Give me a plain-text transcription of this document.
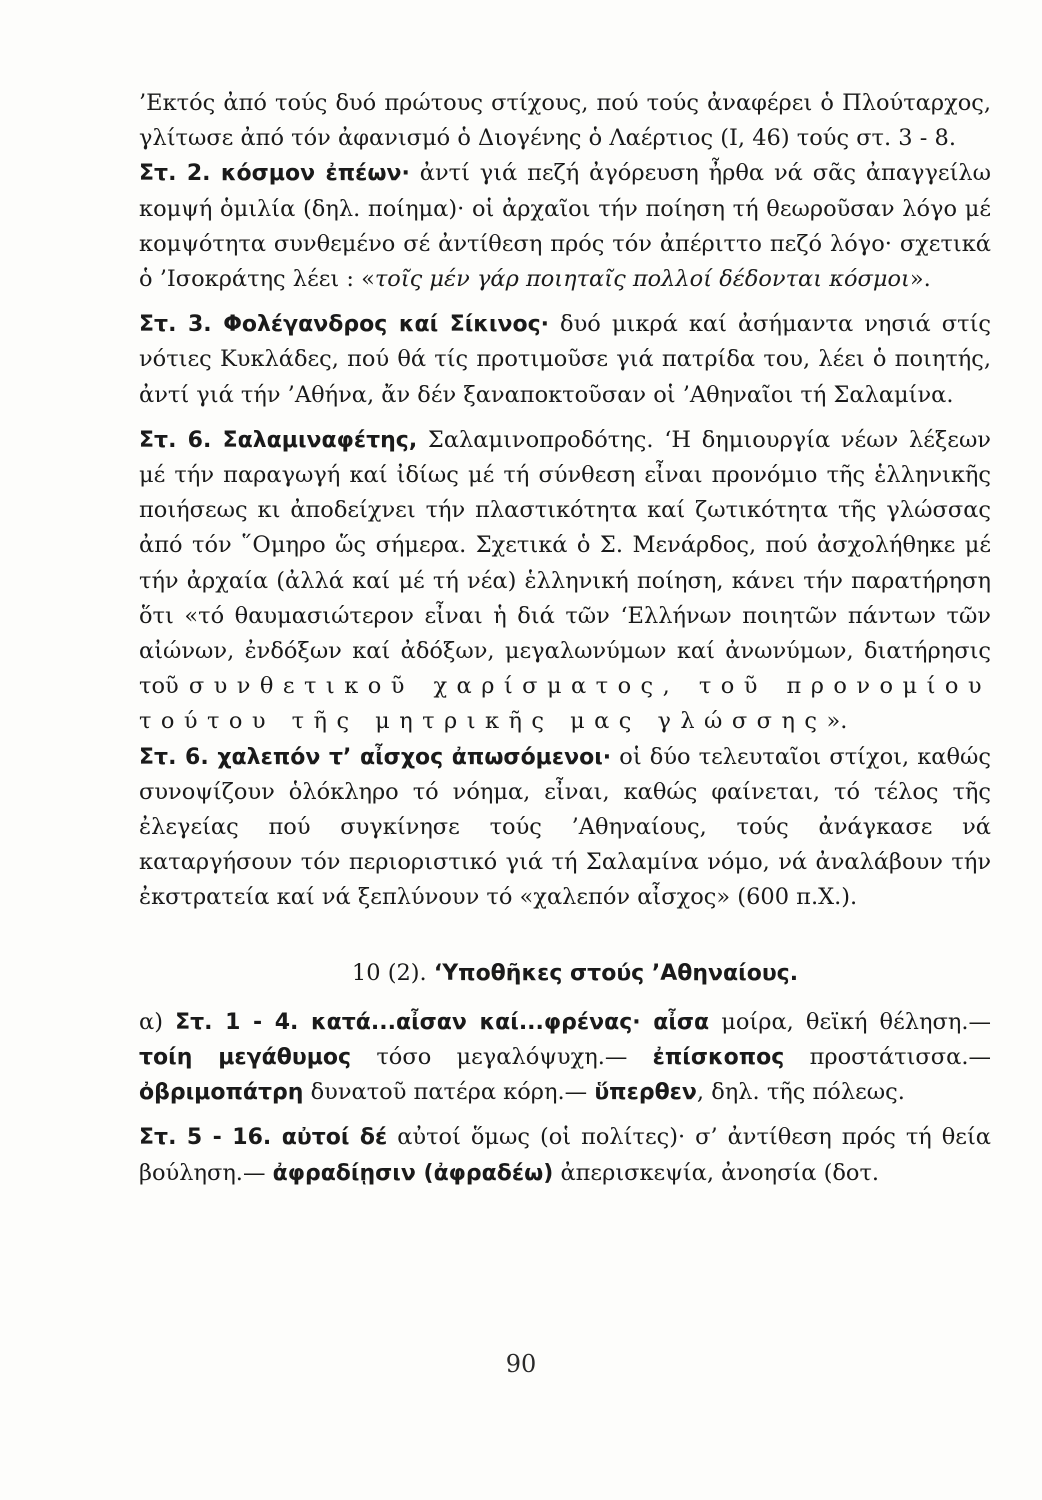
’Εκτός ἀπό τούς δυό πρώτους στίχους, πού τούς ἀναφέρει ὁ Πλούταρχος, γλίτωσε ἀπό τόν ἀφανισμό ὁ Διογένης ὁ Λαέρτιος (I, 46) τούς στ. 3 - 8.

Στ. 2. κόσμον ἐπέων· ἀντί γιά πεζή ἀγόρευση ἦρθα νά σᾶς ἀπαγγείλω κομψή ὁμιλία (δηλ. ποίημα)· οἱ ἀρχαῖοι τήν ποίηση τή θεωροῦσαν λόγο μέ κομψότητα συνθεμένο σέ ἀντίθεση πρός τόν ἀπέριττο πεζό λόγο· σχετικά ὁ ’Ισοκράτης λέει : «τοῖς μέν γάρ ποιηταῖς πολλοί δέδονται κόσμοι».

Στ. 3. Φολέγανδρος καί Σίκινος· δυό μικρά καί ἀσήμαντα νησιά στίς νότιες Κυκλάδες, πού θά τίς προτιμοῦσε γιά πατρίδα του, λέει ὁ ποιητής, ἀντί γιά τήν ’Αθήνα, ἄν δέν ξαναποκτοῦσαν οἱ ’Αθηναῖοι τή Σαλαμίνα.

Στ. 6. Σαλαμιναφέτης, Σαλαμινοπροδότης. ‘Η δημιουργία νέων λέξεων μέ τήν παραγωγή καί ἰδίως μέ τή σύνθεση εἶναι προνόμιο τῆς ἑλληνικῆς ποιήσεως κι ἀποδείχνει τήν πλαστικότητα καί ζωτικότητα τῆς γλώσσας ἀπό τόν ῞Ομηρο ὥς σήμερα. Σχετικά ὁ Σ. Μενάρδος, πού ἀσχολήθηκε μέ τήν ἀρχαία (ἀλλά καί μέ τή νέα) ἑλληνική ποίηση, κάνει τήν παρατήρηση ὅτι «τό θαυμασιώτερον εἶναι ἡ διά τῶν ‘Ελλήνων ποιητῶν πάντων τῶν αἰώνων, ἐνδόξων καί ἀδόξων, μεγαλωνύμων καί ἀνωνύμων, διατήρησις τοῦ συνθετικοῦ χαρίσματος, τοῦ προνομίου τούτου τῆς μητρικῆς μας γλώσσης».

Στ. 6. χαλεπόν τ’ αἶσχος ἀπωσόμενοι· οἱ δύο τελευταῖοι στίχοι, καθώς συνοψίζουν ὁλόκληρο τό νόημα, εἶναι, καθώς φαίνεται, τό τέλος τῆς ἐλεγείας πού συγκίνησε τούς ’Αθηναίους, τούς ἀνάγκασε νά καταργήσουν τόν περιοριστικό γιά τή Σαλαμίνα νόμο, νά ἀναλάβουν τήν ἐκστρατεία καί νά ξεπλύνουν τό «χαλεπόν αἶσχος» (600 π.Χ.).

10 (2). ‘Υποθῆκες στούς ’Αθηναίους.

α) Στ. 1 - 4. κατά...αἶσαν καί...φρένας· αἶσα μοίρα, θεϊκή θέληση.— τοίη μεγάθυμος τόσο μεγαλόψυχη.— ἐπίσκοπος προστάτισσα.— ὀβριμοπάτρη δυνατοῦ πατέρα κόρη.— ὕπερθεν, δηλ. τῆς πόλεως.

Στ. 5 - 16. αὐτοί δέ αὐτοί ὅμως (οἱ πολίτες)· σ’ ἀντίθεση πρός τή θεία βούληση.— ἀφραδίῃσιν (ἀφραδέω) ἀπερισκεψία, ἀνοησία (δοτ.

90
